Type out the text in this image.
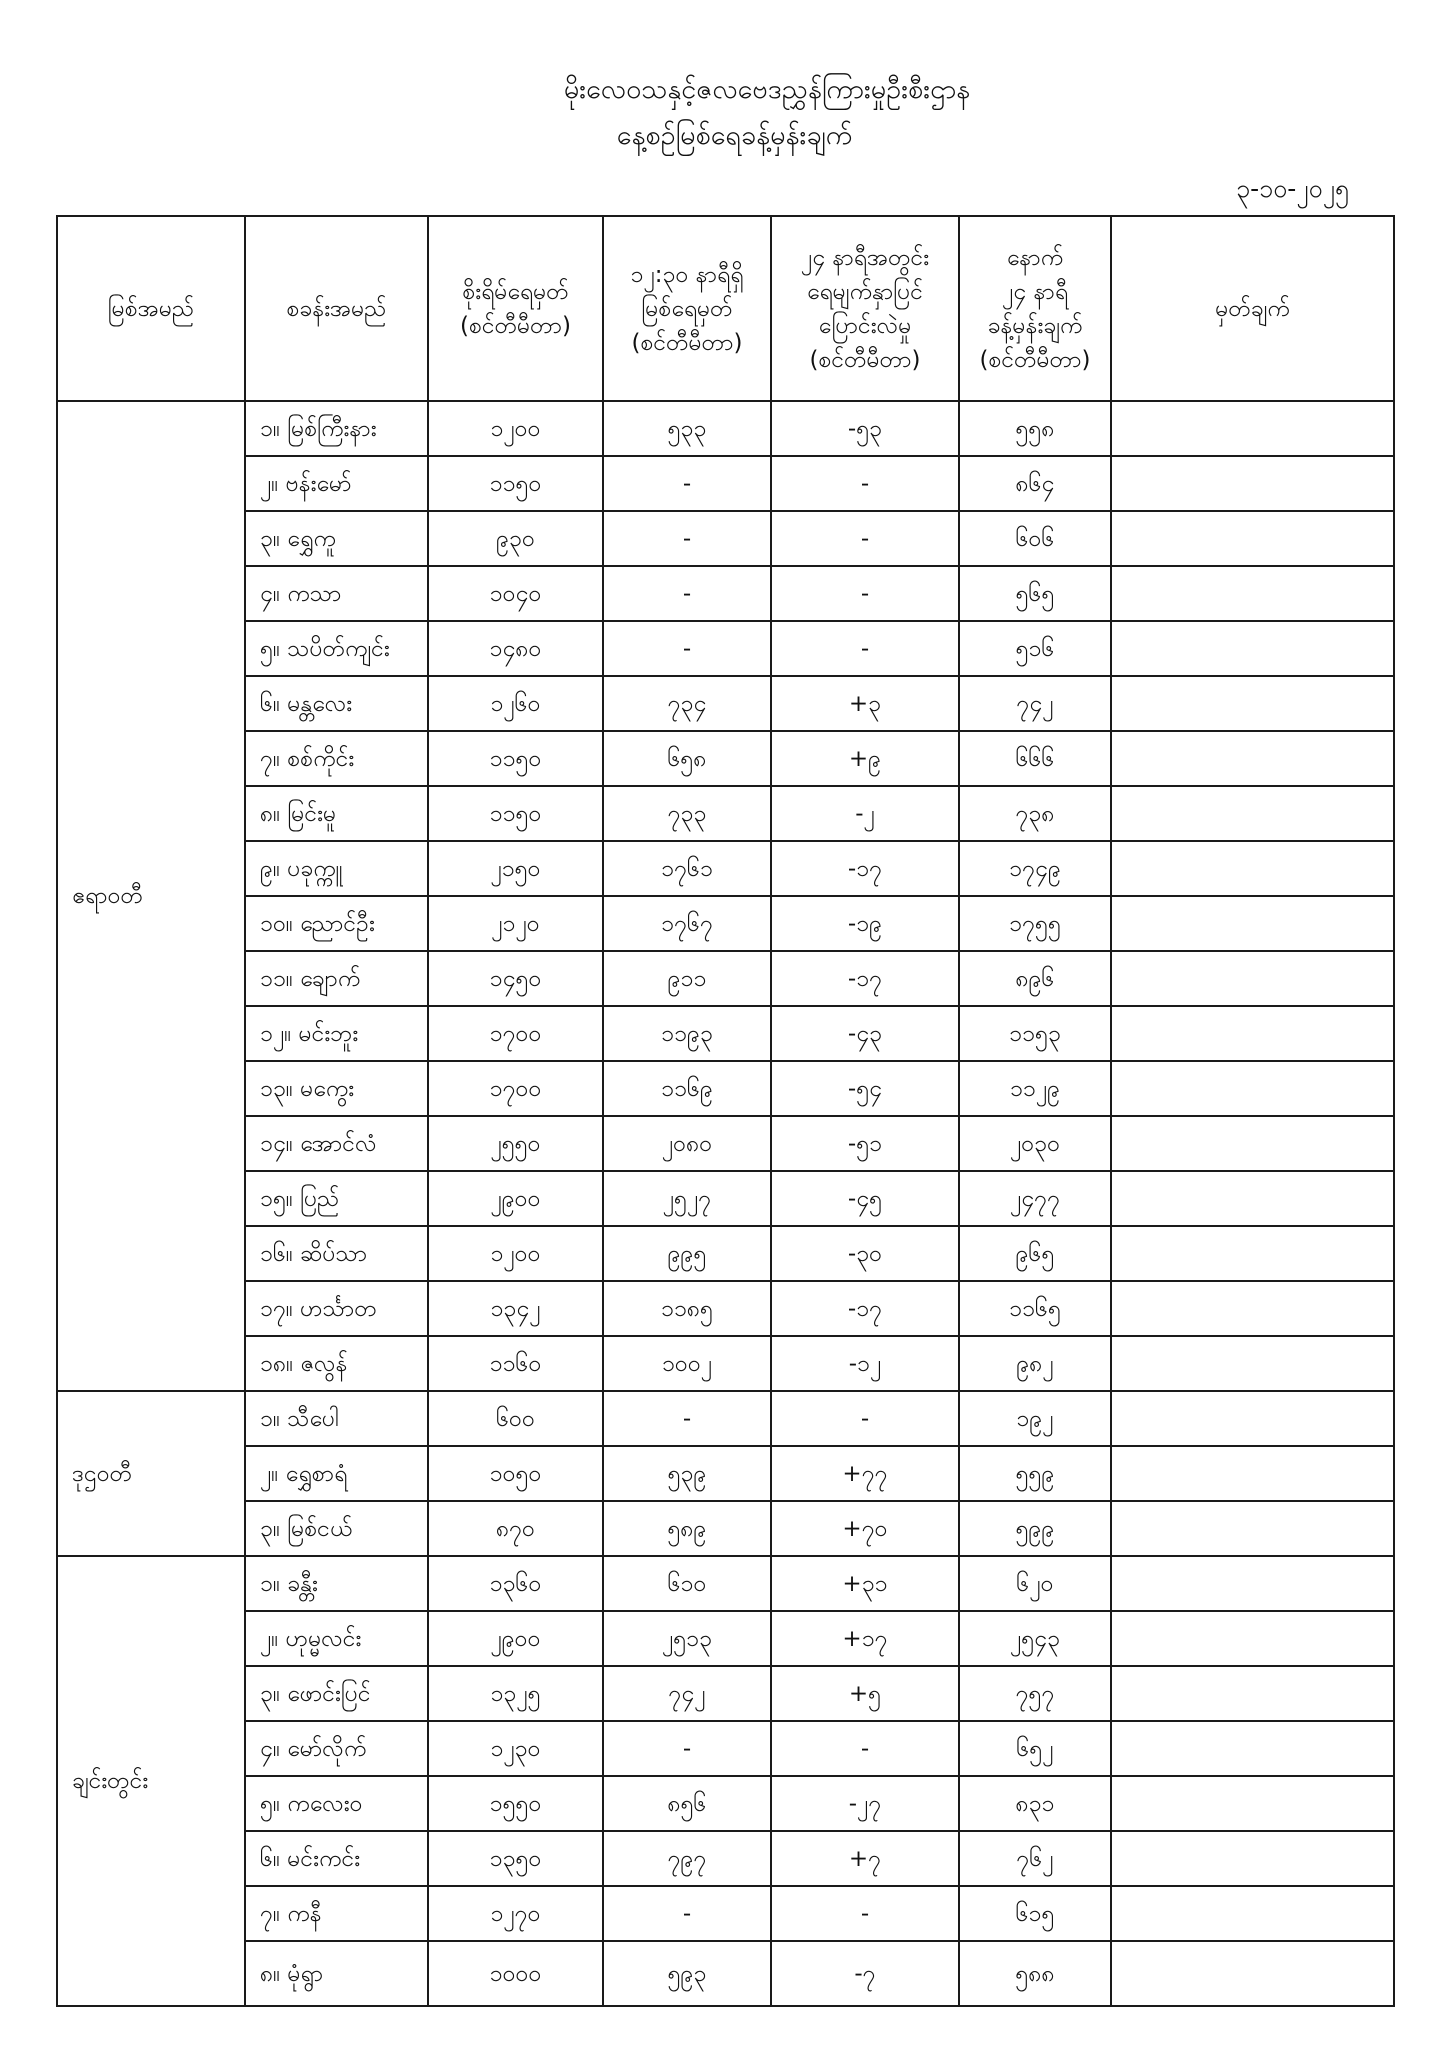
မိုးလေဝသနှင့်ဇလဗေဒညွှန်ကြားမှုဦးစီးဌာန
နေ့စဉ်မြစ်ရေခန့်မှန်းချက်
၃-၁၀-၂၀၂၅
မြစ်အမည်	စခန်းအမည်	စိုးရိမ်ရေမှတ်
(စင်တီမီတာ)	၁၂:၃၀ နာရီရှိ
မြစ်ရေမှတ်
(စင်တီမီတာ)	၂၄ နာရီအတွင်း
ရေမျက်နှာပြင်
ပြောင်းလဲမှု
(စင်တီမီတာ)	နောက်
၂၄ နာရီ
ခန့်မှန်းချက်
(စင်တီမီတာ)	မှတ်ချက်
ဧရာဝတီ	၁။ မြစ်ကြီးနား	၁၂၀၀	၅၃၃	-၅၃	၅၅၈	
	၂။ ဗန်းမော်	၁၁၅၀	-	-	၈၆၄	
	၃။ ရွှေကူ	၉၃၀	-	-	၆၀၆	
	၄။ ကသာ	၁၀၄၀	-	-	၅၆၅	
	၅။ သပိတ်ကျင်း	၁၄၈၀	-	-	၅၁၆	
	၆။ မန္တလေး	၁၂၆၀	၇၃၄	+၃	၇၄၂	
	၇။ စစ်ကိုင်း	၁၁၅၀	၆၅၈	+၉	၆၆၆	
	၈။ မြင်းမူ	၁၁၅၀	၇၃၃	-၂	၇၃၈	
	၉။ ပခုက္ကူ	၂၁၅၀	၁၇၆၁	-၁၇	၁၇၄၉	
	၁၀။ ညောင်ဦး	၂၁၂၀	၁၇၆၇	-၁၉	၁၇၅၅	
	၁၁။ ချောက်	၁၄၅၀	၉၁၁	-၁၇	၈၉၆	
	၁၂။ မင်းဘူး	၁၇၀၀	၁၁၉၃	-၄၃	၁၁၅၃	
	၁၃။ မကွေး	၁၇၀၀	၁၁၆၉	-၅၄	၁၁၂၉	
	၁၄။ အောင်လံ	၂၅၅၀	၂၀၈၀	-၅၁	၂၀၃၀	
	၁၅။ ပြည်	၂၉၀၀	၂၅၂၇	-၄၅	၂၄၇၇	
	၁၆။ ဆိပ်သာ	၁၂၀၀	၉၉၅	-၃၀	၉၆၅	
	၁၇။ ဟင်္သာတ	၁၃၄၂	၁၁၈၅	-၁၇	၁၁၆၅	
	၁၈။ ဇလွန်	၁၁၆၀	၁၀၀၂	-၁၂	၉၈၂	
ဒုဌဝတီ	၁။ သီပေါ	၆၀၀	-	-	၁၉၂	
	၂။ ရွှေစာရံ	၁၀၅၀	၅၃၉	+၇၇	၅၅၉	
	၃။ မြစ်ငယ်	၈၇၀	၅၈၉	+၇၀	၅၉၉	
ချင်းတွင်း	၁။ ခန္တီး	၁၃၆၀	၆၁၀	+၃၁	၆၂၀	
	၂။ ဟုမ္မလင်း	၂၉၀၀	၂၅၁၃	+၁၇	၂၅၄၃	
	၃။ ဖောင်းပြင်	၁၃၂၅	၇၄၂	+၅	၇၅၇	
	၄။ မော်လိုက်	၁၂၃၀	-	-	၆၅၂	
	၅။ ကလေးဝ	၁၅၅၀	၈၅၆	-၂၇	၈၃၁	
	၆။ မင်းကင်း	၁၃၅၀	၇၉၇	+၇	၇၆၂	
	၇။ ကနီ	၁၂၇၀	-	-	၆၁၅	
	၈။ မုံရွာ	၁၀၀၀	၅၉၃	-၇	၅၈၈	
